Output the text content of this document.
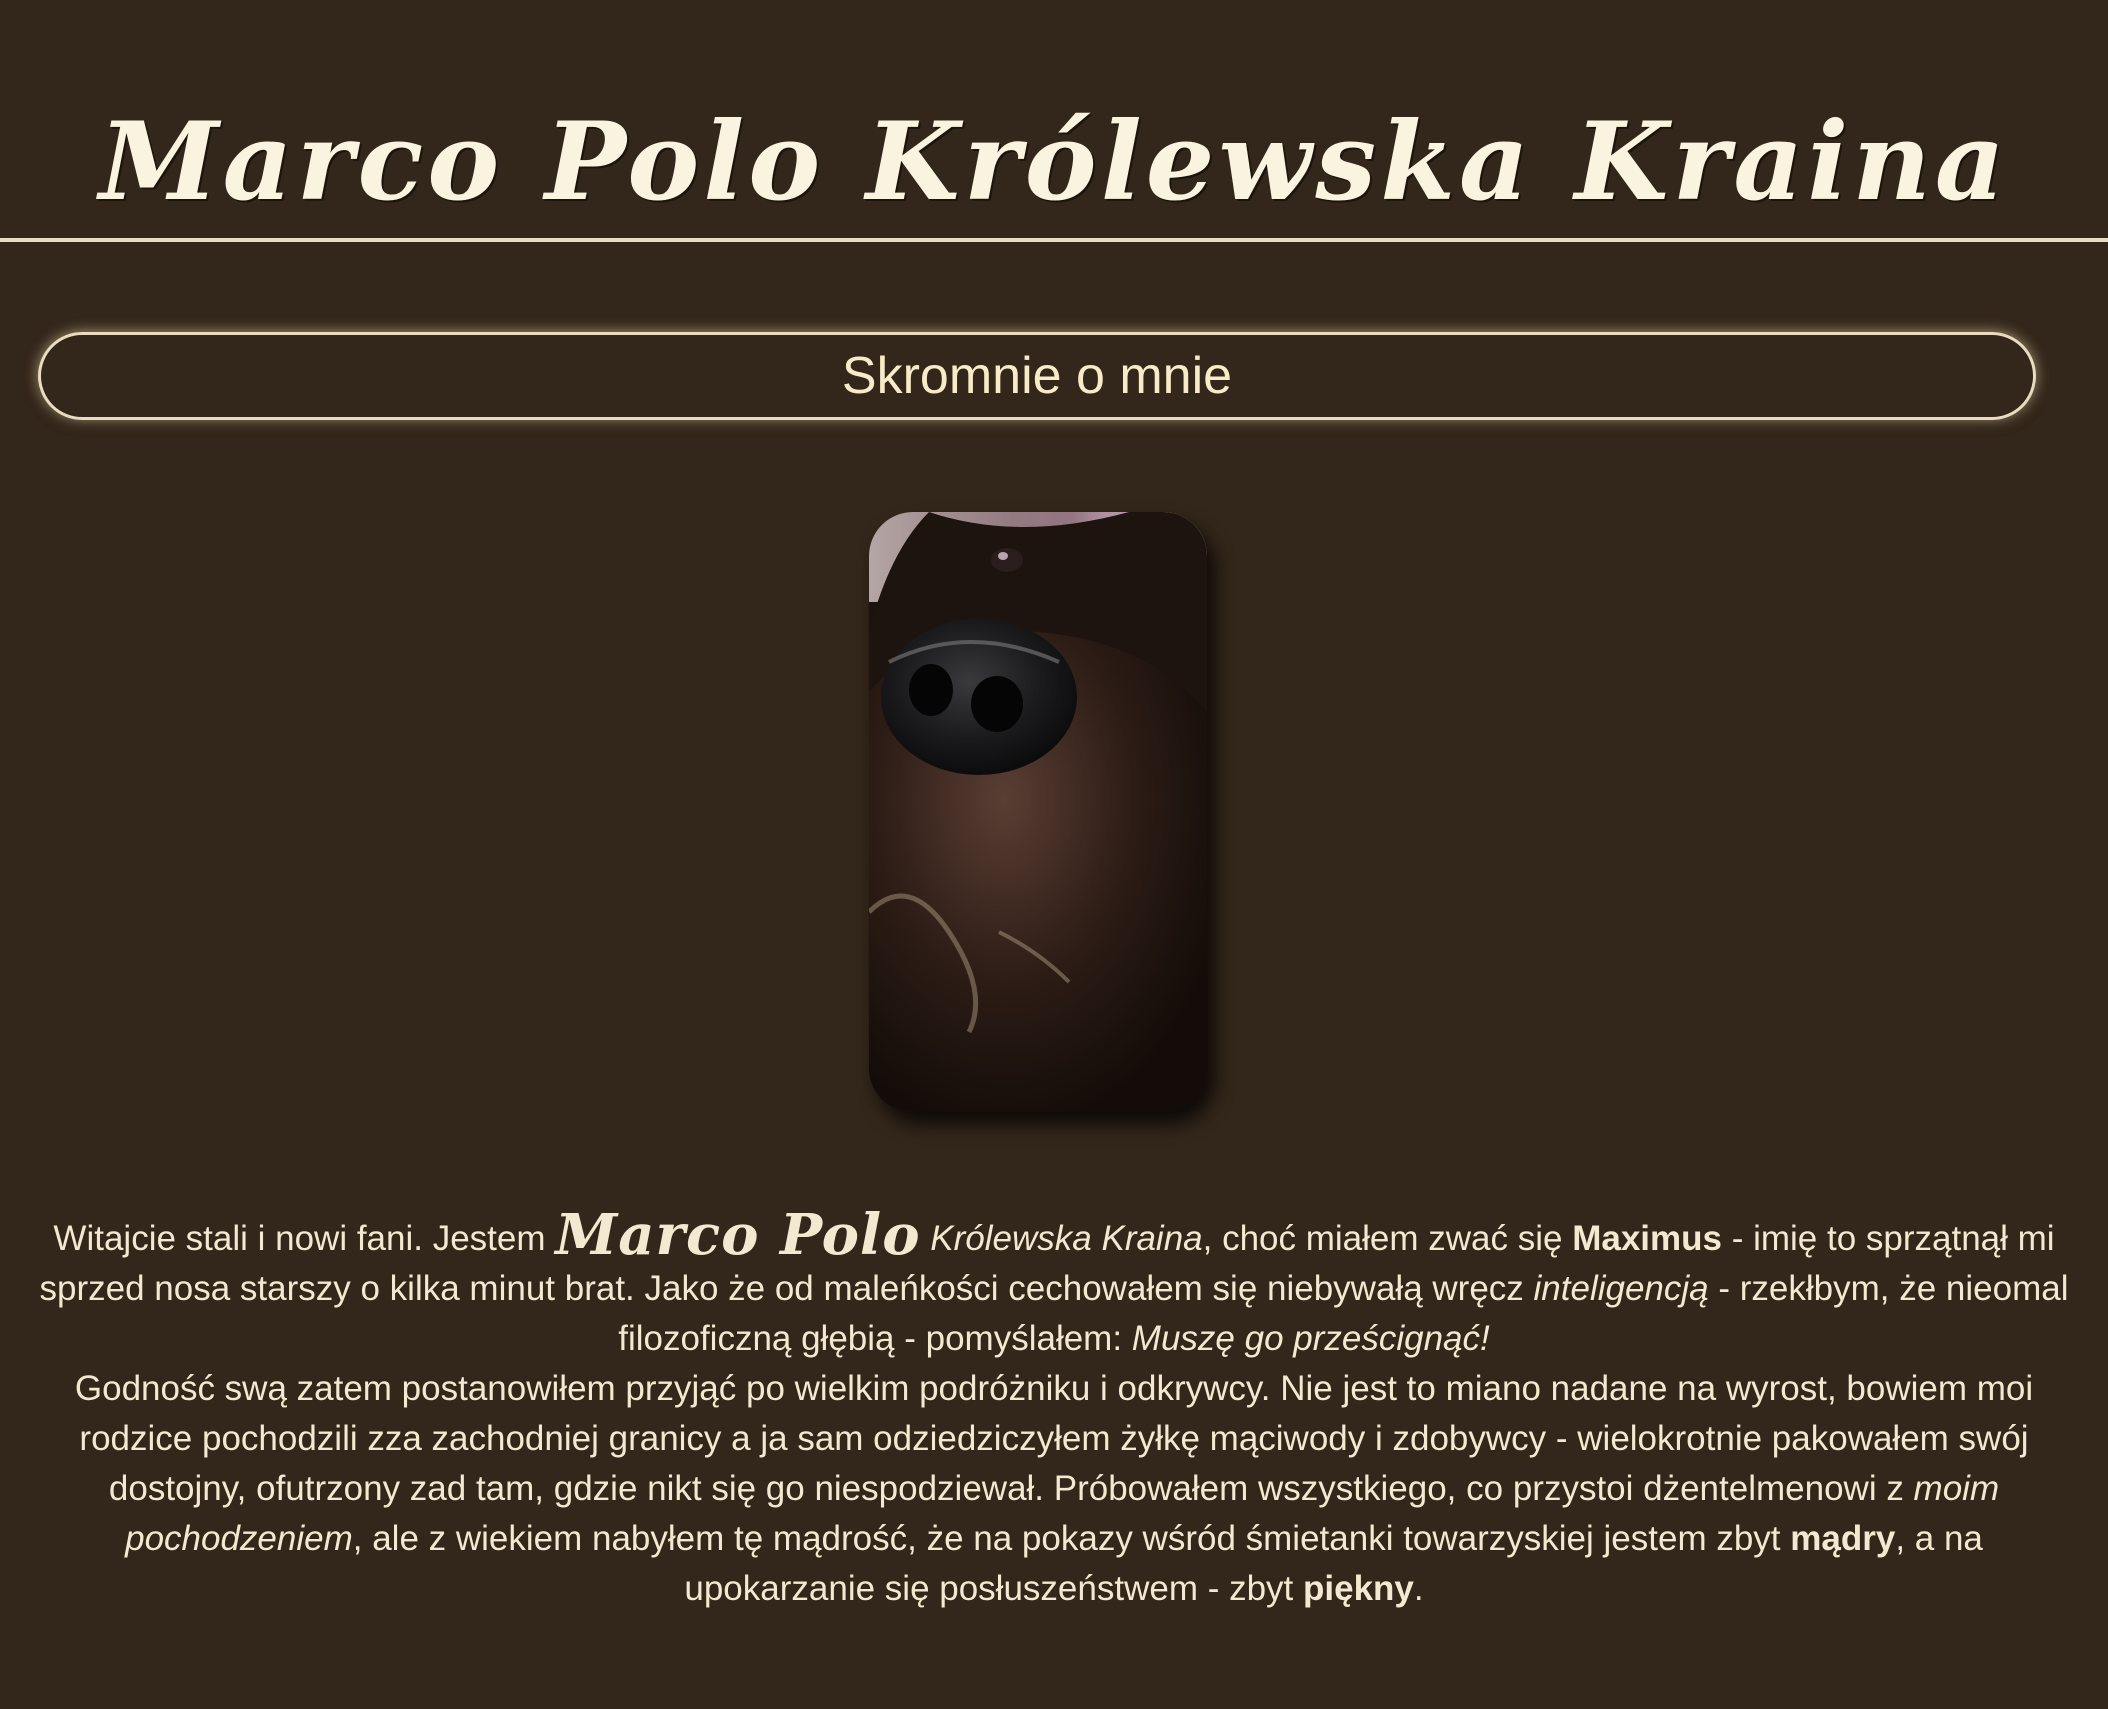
Marco Polo Królewska Kraina
Skromnie o mnie

Witajcie stali i nowi fani. Jestem Marco Polo Królewska Kraina, choć miałem zwać się Maximus - imię to sprzątnął mi sprzed nosa starszy o kilka minut brat. Jako że od maleńkości cechowałem się niebywałą wręcz inteligencją - rzekłbym, że nieomal filozoficzną głębią - pomyślałem: Muszę go prześcignąć!

Godność swą zatem postanowiłem przyjąć po wielkim podróżniku i odkrywcy. Nie jest to miano nadane na wyrost, bowiem moi rodzice pochodzili zza zachodniej granicy a ja sam odziedziczyłem żyłkę mąciwody i zdobywcy - wielokrotnie pakowałem swój dostojny, ofutrzony zad tam, gdzie nikt się go niespodziewał. Próbowałem wszystkiego, co przystoi dżentelmenowi z moim pochodzeniem, ale z wiekiem nabyłem tę mądrość, że na pokazy wśród śmietanki towarzyskiej jestem zbyt mądry, a na upokarzanie się posłuszeństwem - zbyt piękny.
